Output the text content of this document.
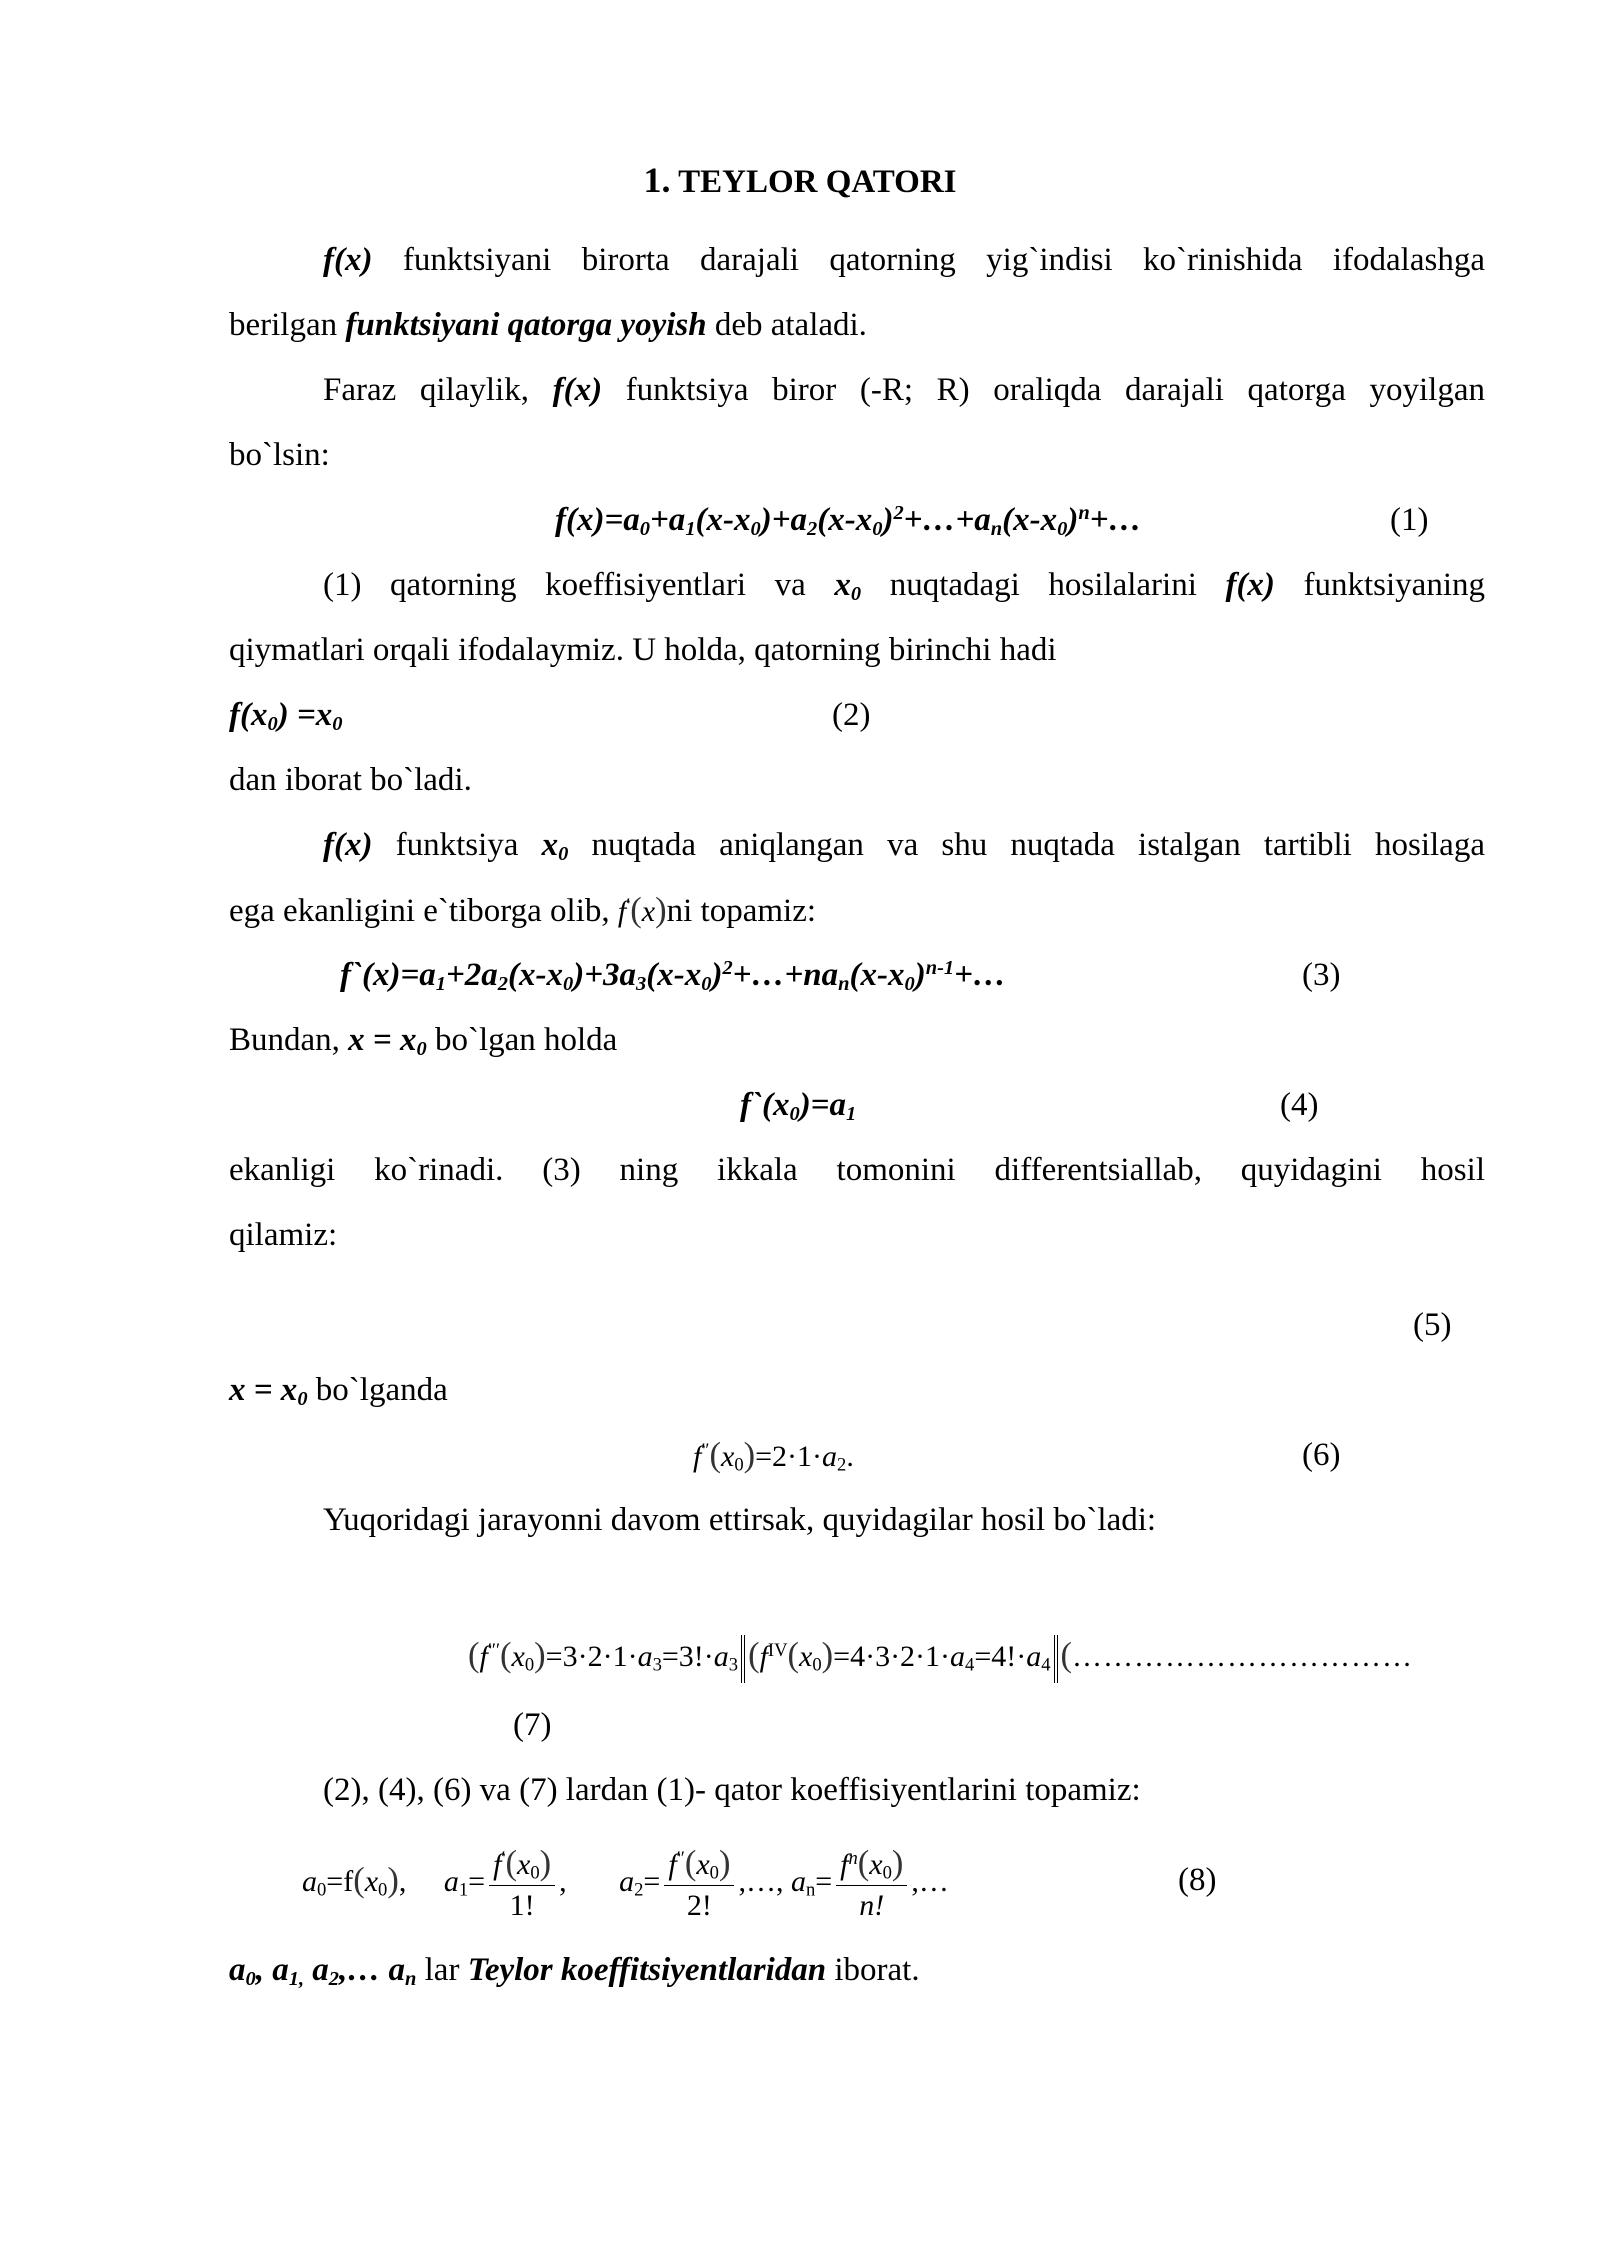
1. TEYLOR QATORI
f(x) funktsiyani birorta darajali qatorning yig`indisi ko`rinishida ifodalashga
berilgan funktsiyani qatorga yoyish deb ataladi.
Faraz qilaylik, f(x) funktsiya biror (-R; R) oraliqda darajali qatorga yoyilgan
bo`lsin:
$f(x)=a_0+a_1(x-x_0)+a_2(x-x_0)^2+\dots+a_n(x-x_0)^n+\dots$	(1)
(1) qatorning koeffisiyentlari va $x_0$ nuqtadagi hosilalarini f(x) funktsiyaning
qiymatlari orqali ifodalaymiz. U holda, qatorning birinchi hadi
$f(x_0) =x_0$	(2)
dan iborat bo`ladi.
f(x) funktsiya $x_0$ nuqtada aniqlangan va shu nuqtada istalgan tartibli hosilaga
ega ekanligini e`tiborga olib, f′(x)ni topamiz:
$f`(x)=a_1+2a_2(x-x_0)+3a_3(x-x_0)^2+\dots+na_n(x-x_0)^{n-1}+\dots$	(3)
Bundan, $x = x_0$ bo`lgan holda
$f`(x_0)=a_1$	(4)
ekanligi ko`rinadi. (3) ning ikkala tomonini differentsiallab, quyidagini hosil
qilamiz:
(5)
$x = x_0$ bo`lganda
$f''(x_0)=2\cdot 1\cdot a_2$.	(6)
Yuqoridagi jarayonni davom ettirsak, quyidagilar hosil bo`ladi:
($f'''(x_0)=3\cdot 2\cdot 1\cdot a_3=3!\cdot a_3$ ($f^{IV}(x_0)=4\cdot 3\cdot 2\cdot 1\cdot a_4=4!\cdot a_4$ (……………………………
(7)
(2), (4), (6) va (7) lardan (1)- qator koeffisiyentlarini topamiz:
$a_0=f(x_0)$,     $a_1= \frac{f'(x_0)}{1!}$ ,       $a_2= \frac{f''(x_0)}{2!}$ ,…, $a_n= \frac{f^n(x_0)}{n!}$ ,…	(8)
$a_0$, $a_{1,}$ $a_2,\dots$ $a_n$ lar Teylor koeffitsiyentlaridan iborat.
